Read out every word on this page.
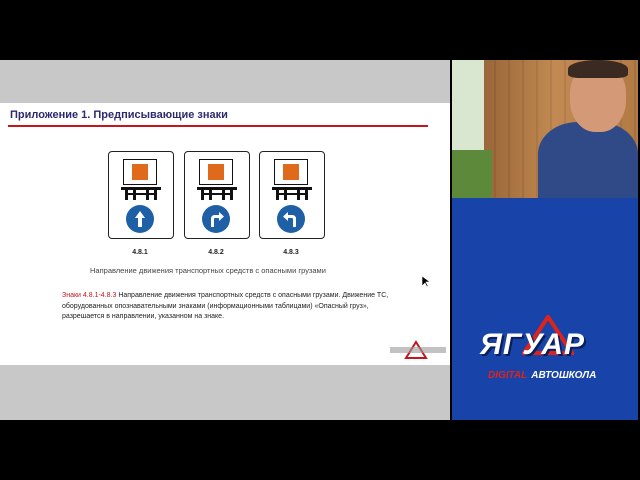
Приложение 1. Предписывающие знаки
4.8.1	4.8.2	4.8.3
Направление движения транспортных средств с опасными грузами
Знаки 4.8.1-4.8.3 Направление движения транспортных средств с опасными грузами. Движение ТС, оборудованных опознавательными знаками (информационными таблицами) «Опасный груз», разрешается в направлении, указанном на знаке.
ЯГУАР
DIGITAL АВТОШКОЛА
